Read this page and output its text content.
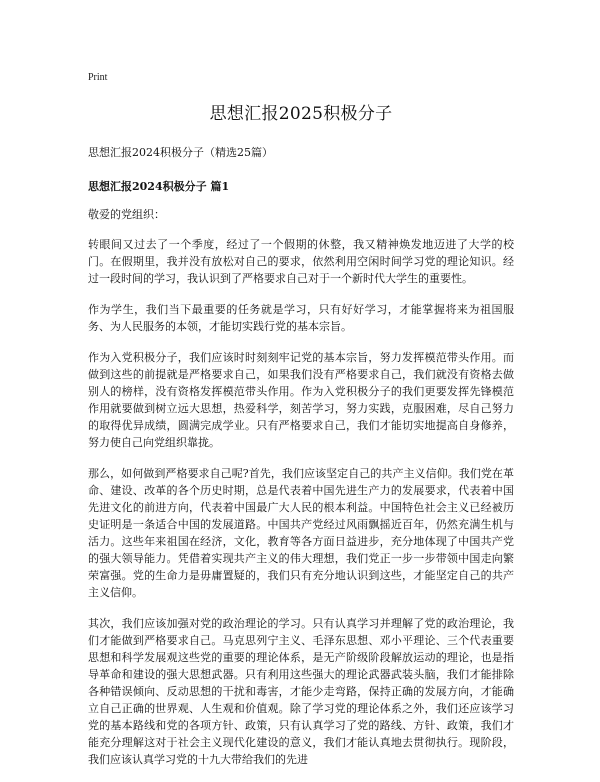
Print
思想汇报2025积极分子

思想汇报2024积极分子（精选25篇）

思想汇报2024积极分子 篇1

敬爱的党组织：

转眼间又过去了一个季度，经过了一个假期的休整，我又精神焕发地迈进了大学的校门。在假期里，我并没有放松对自己的要求，依然利用空闲时间学习党的理论知识。经过一段时间的学习，我认识到了严格要求自己对于一个新时代大学生的重要性。

作为学生，我们当下最重要的任务就是学习，只有好好学习，才能掌握将来为祖国服务、为人民服务的本领，才能切实践行党的基本宗旨。

作为入党积极分子，我们应该时时刻刻牢记党的基本宗旨，努力发挥模范带头作用。而做到这些的前提就是严格要求自己，如果我们没有严格要求自己，我们就没有资格去做别人的榜样，没有资格发挥模范带头作用。作为入党积极分子的我们更要发挥先锋模范作用就要做到树立远大思想，热爱科学，刻苦学习，努力实践，克服困难，尽自己努力的取得优异成绩，圆满完成学业。只有严格要求自己，我们才能切实地提高自身修养，努力使自己向党组织靠拢。

那么，如何做到严格要求自己呢?首先，我们应该坚定自己的共产主义信仰。我们党在革命、建设、改革的各个历史时期，总是代表着中国先进生产力的发展要求，代表着中国先进文化的前进方向，代表着中国最广大人民的根本利益。中国特色社会主义已经被历史证明是一条适合中国的发展道路。中国共产党经过风雨飘摇近百年，仍然充满生机与活力。这些年来祖国在经济，文化，教育等各方面日益进步，充分地体现了中国共产党的强大领导能力。凭借着实现共产主义的伟大理想，我们党正一步一步带领中国走向繁荣富强。党的生命力是毋庸置疑的，我们只有充分地认识到这些，才能坚定自己的共产主义信仰。

其次，我们应该加强对党的政治理论的学习。只有认真学习并理解了党的政治理论，我们才能做到严格要求自己。马克思列宁主义、毛泽东思想、邓小平理论、三个代表重要思想和科学发展观这些党的重要的理论体系，是无产阶级阶段解放运动的理论，也是指导革命和建设的强大思想武器。只有利用这些强大的理论武器武装头脑，我们才能排除各种错误倾向、反动思想的干扰和毒害，才能少走弯路，保持正确的发展方向，才能确立自己正确的世界观、人生观和价值观。除了学习党的理论体系之外，我们还应该学习党的基本路线和党的各项方针、政策，只有认真学习了党的路线、方针、政策，我们才能充分理解这对于社会主义现代化建设的意义，我们才能认真地去贯彻执行。现阶段，我们应该认真学习党的十九大带给我们的先进
